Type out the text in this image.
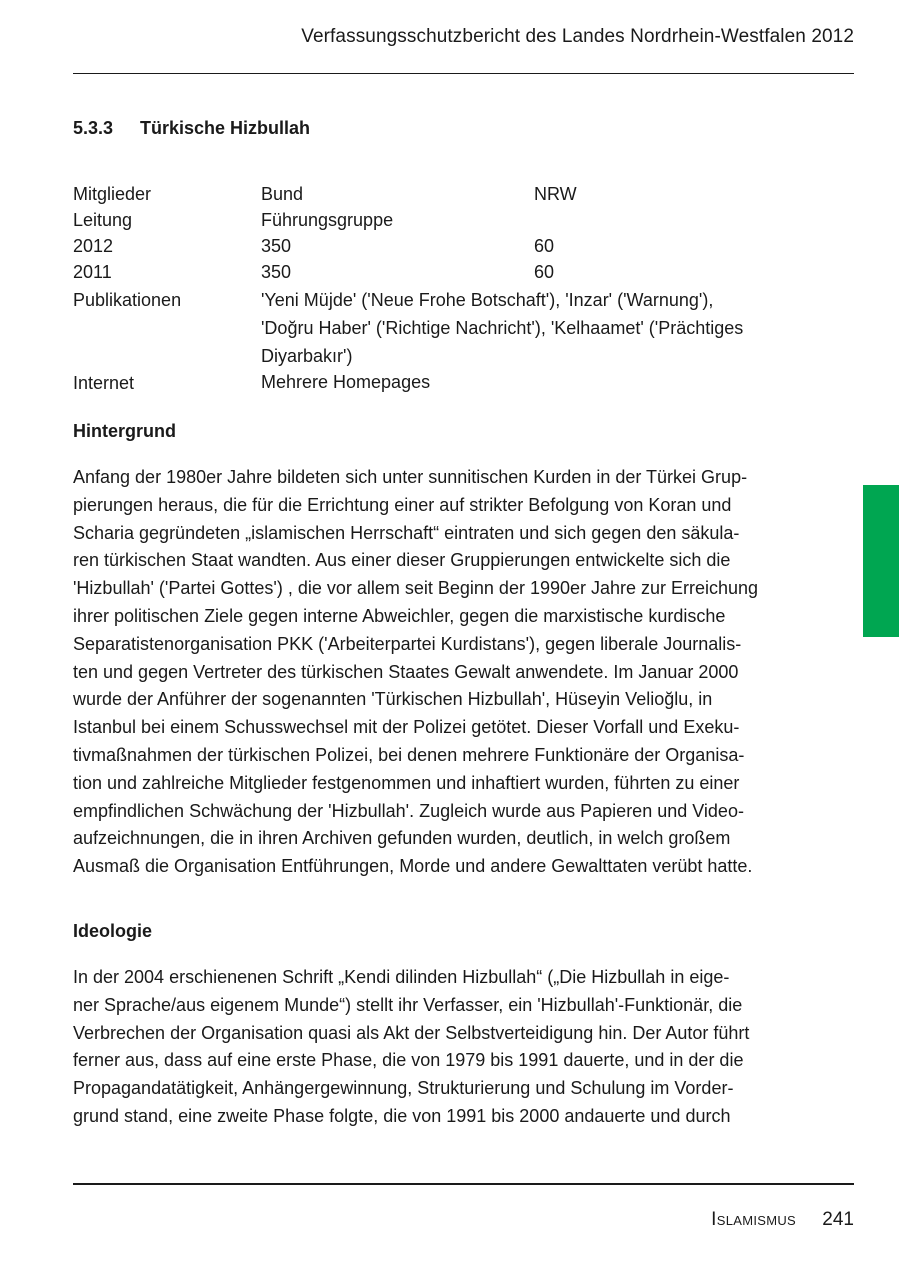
Verfassungsschutzbericht des Landes Nordrhein-Westfalen 2012
5.3.3 Türkische Hizbullah
Mitglieder	Bund	NRW
Leitung	Führungsgruppe
2012	350	60
2011	350	60
Publikationen	'Yeni Müjde' ('Neue Frohe Botschaft'), 'Inzar' ('Warnung'),
'Doğru Haber' ('Richtige Nachricht'), 'Kelhaamet' ('Prächtiges
Diyarbakır')
Internet	Mehrere Homepages
Hintergrund

Anfang der 1980er Jahre bildeten sich unter sunnitischen Kurden in der Türkei Grup-
pierungen heraus, die für die Errichtung einer auf strikter Befolgung von Koran und
Scharia gegründeten „islamischen Herrschaft“ eintraten und sich gegen den säkula-
ren türkischen Staat wandten. Aus einer dieser Gruppierungen entwickelte sich die
'Hizbullah' ('Partei Gottes') , die vor allem seit Beginn der 1990er Jahre zur Erreichung
ihrer politischen Ziele gegen interne Abweichler, gegen die marxistische kurdische
Separatistenorganisation PKK ('Arbeiterpartei Kurdistans'), gegen liberale Journalis-
ten und gegen Vertreter des türkischen Staates Gewalt anwendete. Im Januar 2000
wurde der Anführer der sogenannten 'Türkischen Hizbullah', Hüseyin Velioğlu, in
Istanbul bei einem Schusswechsel mit der Polizei getötet. Dieser Vorfall und Exeku-
tivmaßnahmen der türkischen Polizei, bei denen mehrere Funktionäre der Organisa-
tion und zahlreiche Mitglieder festgenommen und inhaftiert wurden, führten zu einer
empfindlichen Schwächung der 'Hizbullah'. Zugleich wurde aus Papieren und Video-
aufzeichnungen, die in ihren Archiven gefunden wurden, deutlich, in welch großem
Ausmaß die Organisation Entführungen, Morde und andere Gewalttaten verübt hatte.

Ideologie

In der 2004 erschienenen Schrift „Kendi dilinden Hizbullah“ („Die Hizbullah in eige-
ner Sprache/aus eigenem Munde“) stellt ihr Verfasser, ein 'Hizbullah'-Funktionär, die
Verbrechen der Organisation quasi als Akt der Selbstverteidigung hin. Der Autor führt
ferner aus, dass auf eine erste Phase, die von 1979 bis 1991 dauerte, und in der die
Propagandatätigkeit, Anhängergewinnung, Strukturierung und Schulung im Vorder-
grund stand, eine zweite Phase folgte, die von 1991 bis 2000 andauerte und durch

Islamismus 241
